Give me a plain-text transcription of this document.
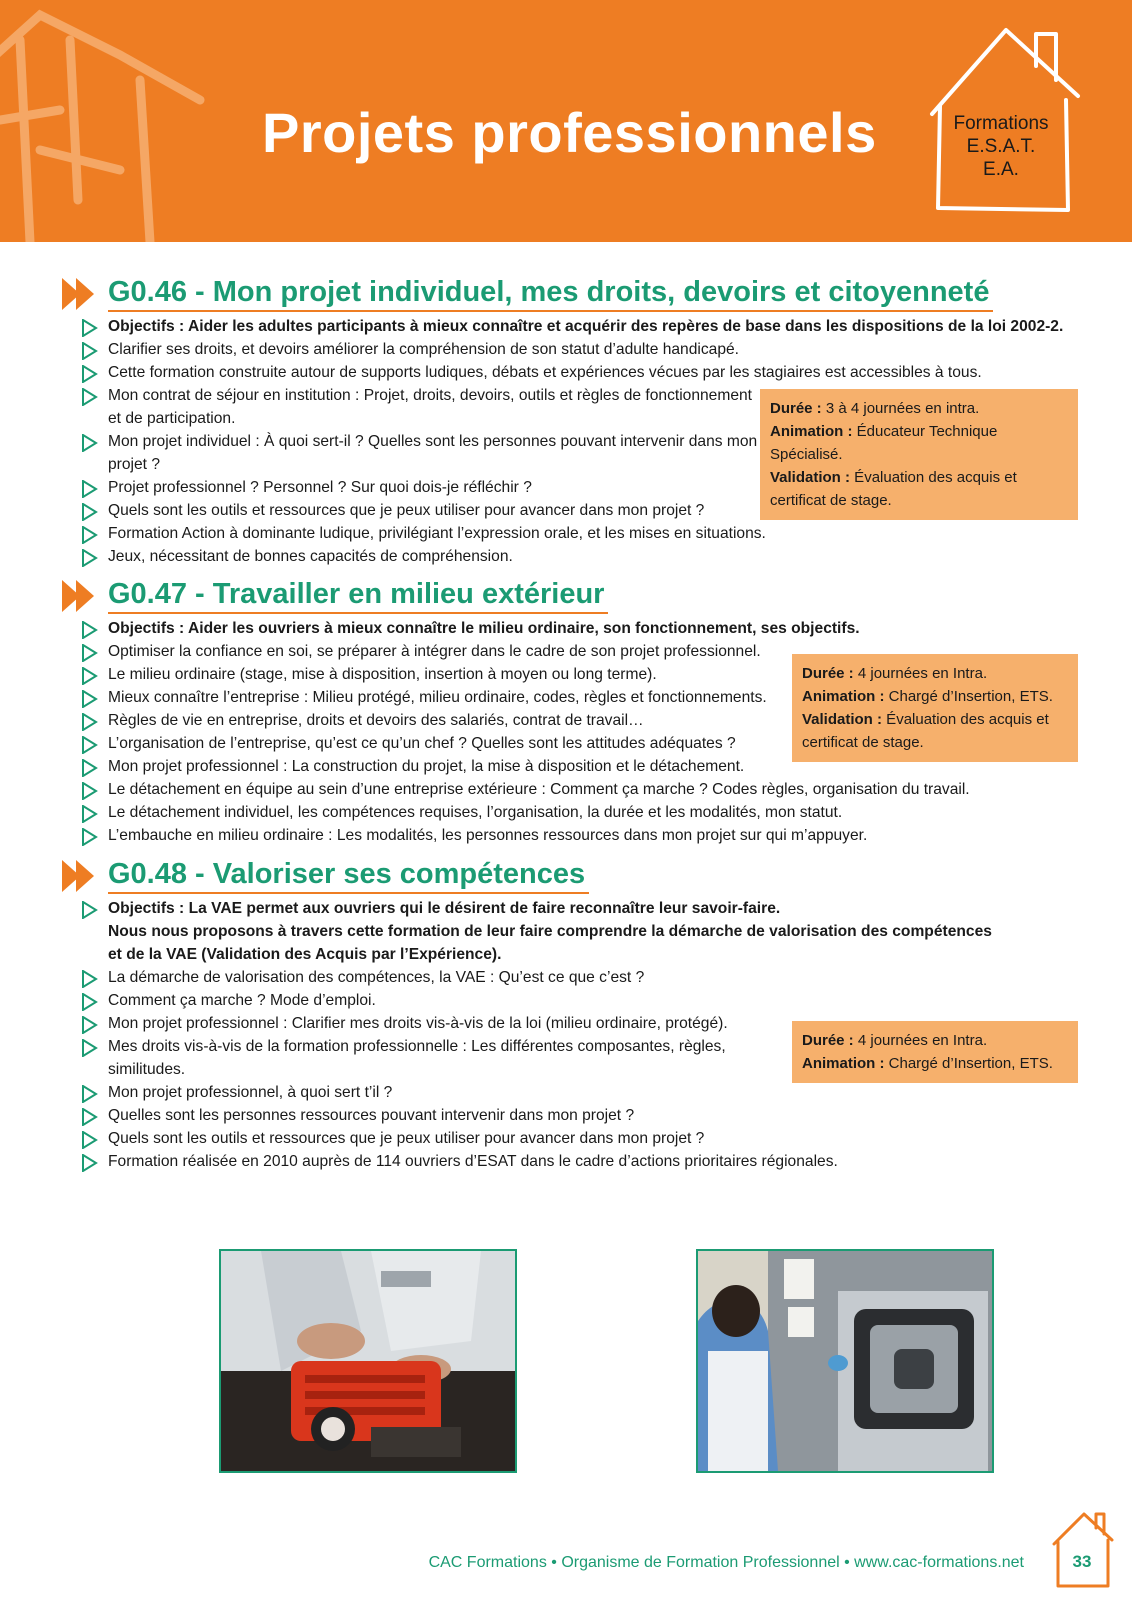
Projets professionnels	Formations
E.S.A.T.
E.A.
G0.46 - Mon projet individuel, mes droits, devoirs et citoyenneté
Objectifs : Aider les adultes participants à mieux connaître et acquérir des repères de base dans les dispositions de la loi 2002-2.
Clarifier ses droits, et devoirs améliorer la compréhension de son statut d’adulte handicapé.
Cette formation construite autour de supports ludiques, débats et expériences vécues par les stagiaires est accessibles à tous.
Mon contrat de séjour en institution : Projet, droits, devoirs, outils et règles de fonctionnement
et de participation.
Mon projet individuel : À quoi sert-il ? Quelles sont les personnes pouvant intervenir dans mon
projet ?
Projet professionnel ? Personnel ? Sur quoi dois-je réfléchir ?
Quels sont les outils et ressources que je peux utiliser pour avancer dans mon projet ?
Formation Action à dominante ludique, privilégiant l’expression orale, et les mises en situations.
Jeux, nécessitant de bonnes capacités de compréhension.
Durée : 3 à 4 journées en intra.
Animation : Éducateur Technique Spécialisé.
Validation : Évaluation des acquis et certificat de stage.
G0.47 - Travailler en milieu extérieur
Objectifs : Aider les ouvriers à mieux connaître le milieu ordinaire, son fonctionnement, ses objectifs.
Optimiser la confiance en soi, se préparer à intégrer dans le cadre de son projet professionnel.
Le milieu ordinaire (stage, mise à disposition, insertion à moyen ou long terme).
Mieux connaître l’entreprise : Milieu protégé, milieu ordinaire, codes, règles et fonctionnements.
Règles de vie en entreprise, droits et devoirs des salariés, contrat de travail…
L’organisation de l’entreprise, qu’est ce qu’un chef ? Quelles sont les attitudes adéquates ?
Mon projet professionnel : La construction du projet, la mise à disposition et le détachement.
Le détachement en équipe au sein d’une entreprise extérieure : Comment ça marche ? Codes règles, organisation du travail.
Le détachement individuel, les compétences requises, l’organisation, la durée et les modalités, mon statut.
L’embauche en milieu ordinaire : Les modalités, les personnes ressources dans mon projet sur qui m’appuyer.
Durée : 4 journées en Intra.
Animation : Chargé d’Insertion, ETS.
Validation : Évaluation des acquis et certificat de stage.
G0.48 - Valoriser ses compétences
Objectifs : La VAE permet aux ouvriers qui le désirent de faire reconnaître leur savoir-faire.
Nous nous proposons à travers cette formation de leur faire comprendre la démarche de valorisation des compétences
et de la VAE (Validation des Acquis par l’Expérience).
La démarche de valorisation des compétences, la VAE : Qu’est ce que c’est ?
Comment ça marche ? Mode d’emploi.
Mon projet professionnel : Clarifier mes droits vis-à-vis de la loi (milieu ordinaire, protégé).
Mes droits vis-à-vis de la formation professionnelle : Les différentes composantes, règles,
similitudes.
Mon projet professionnel, à quoi sert t’il ?
Quelles sont les personnes ressources pouvant intervenir dans mon projet ?
Quels sont les outils et ressources que je peux utiliser pour avancer dans mon projet ?
Formation réalisée en 2010 auprès de 114 ouvriers d’ESAT dans le cadre d’actions prioritaires régionales.
Durée : 4 journées en Intra.
Animation : Chargé d’Insertion, ETS.
CAC Formations • Organisme de Formation Professionnel • www.cac-formations.net	33
